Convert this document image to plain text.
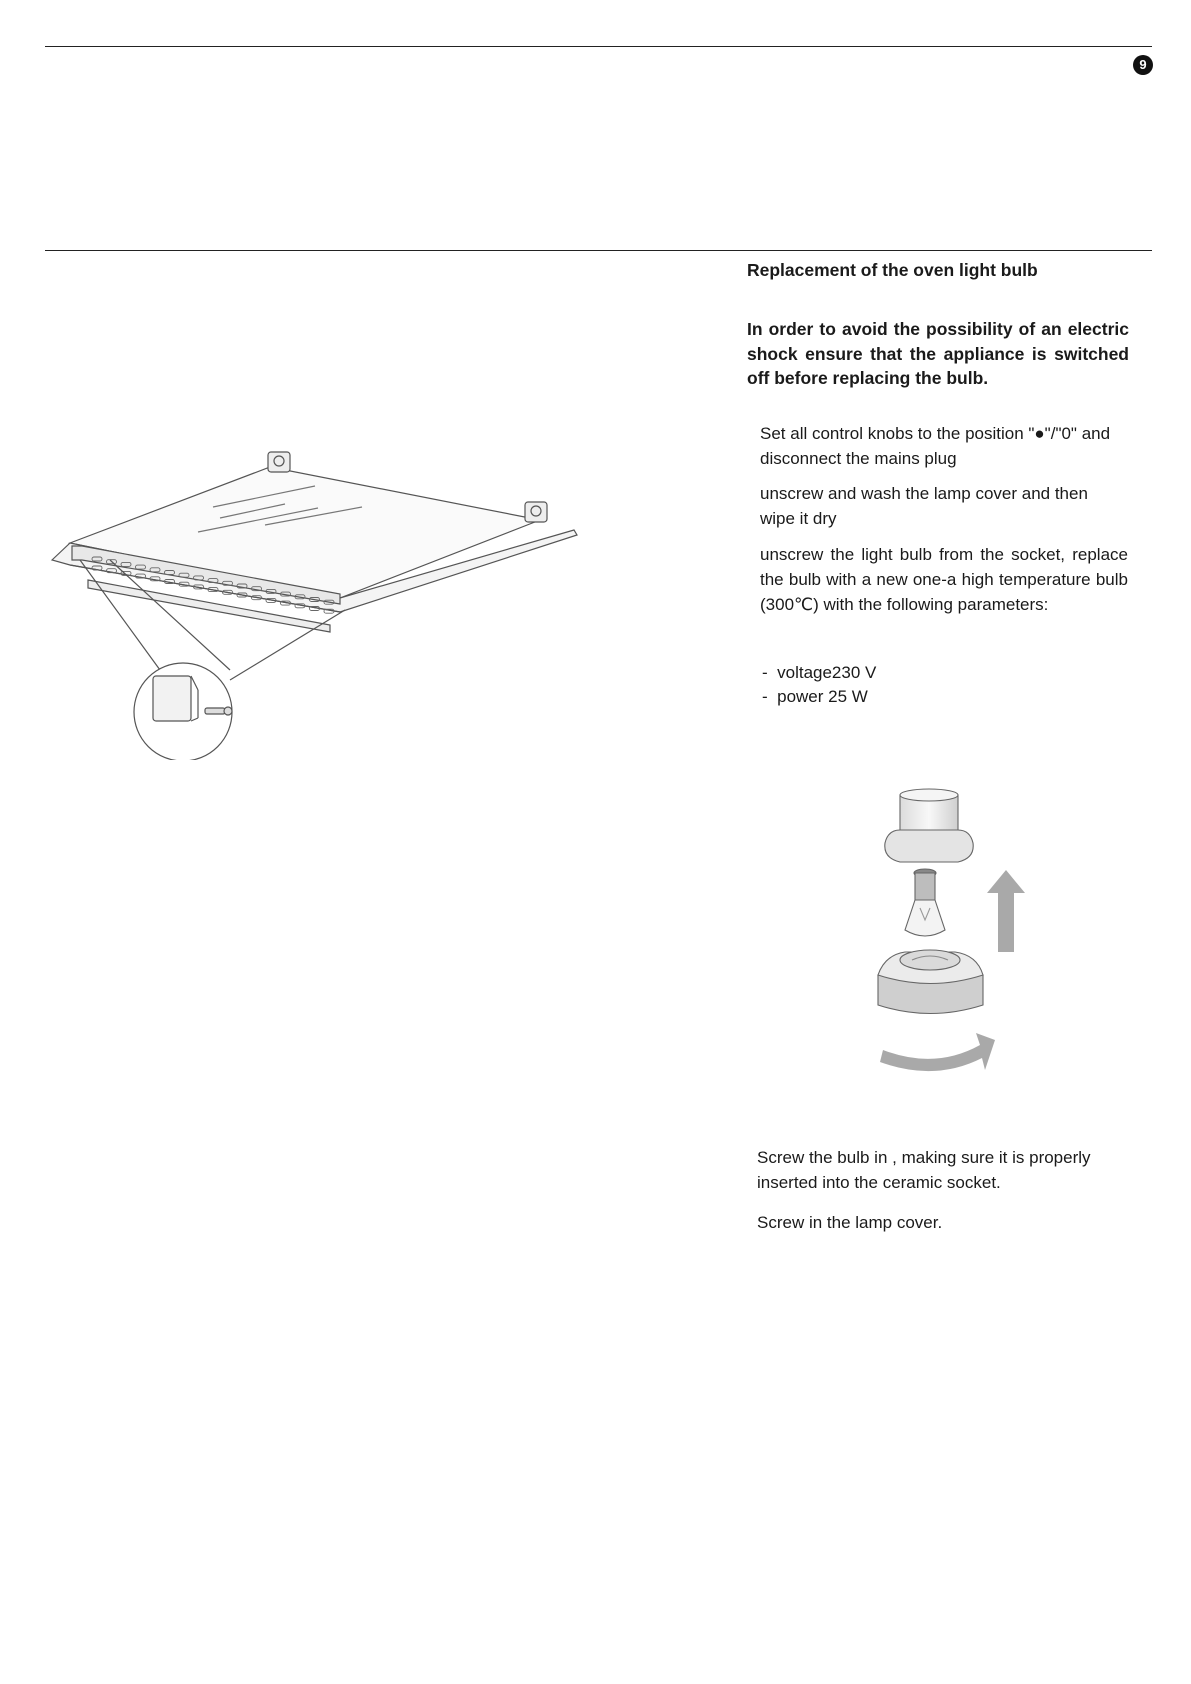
9
Replacement of the oven light bulb
In order to avoid the possibility of an electric shock ensure that the appliance is switched off before replacing the bulb.
Set all control knobs to the position "●"/"0" and disconnect the mains plug
unscrew and wash the lamp cover and then wipe it dry
unscrew the light bulb from the socket, replace the bulb with a new one-a high temperature bulb (300℃) with the following parameters:
- voltage230 V
- power 25 W
Screw the bulb in , making sure it is properly inserted into the ceramic socket.
Screw in the lamp cover.
